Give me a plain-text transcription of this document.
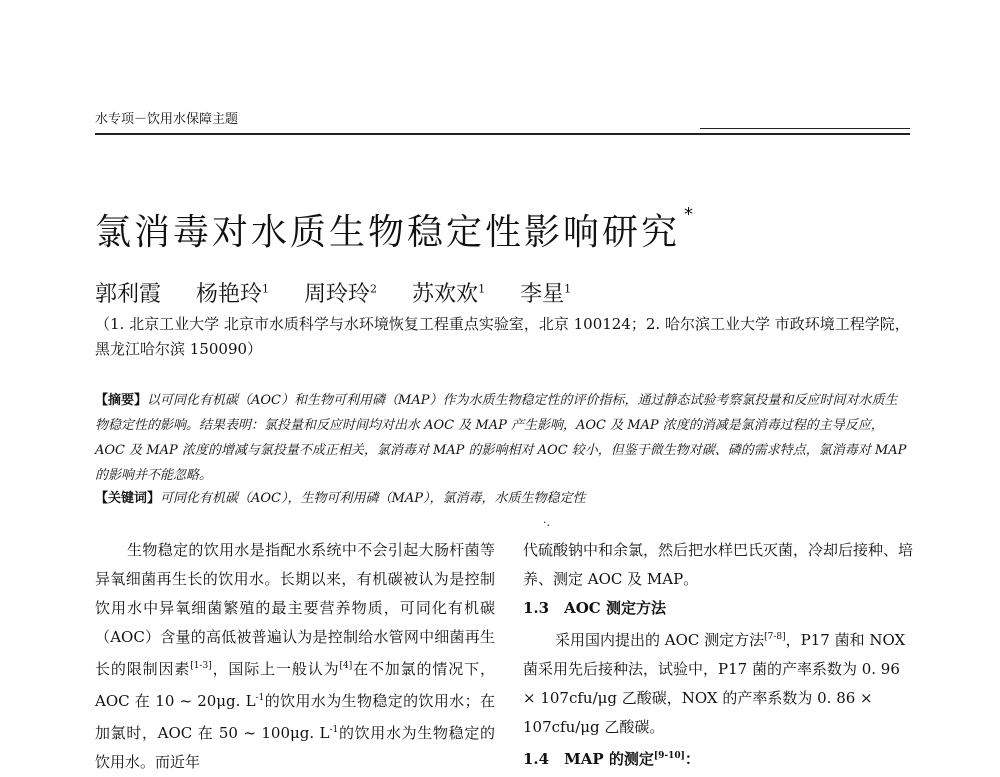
水专项－饮用水保障主题
氯消毒对水质生物稳定性影响研究 *
郭利霞 杨艳玲$^1$ 周玲玲$^2$ 苏欢欢$^1$ 李星$^1$
（1. 北京工业大学 北京市水质科学与水环境恢复工程重点实验室，北京 100124；2. 哈尔滨工业大学 市政环境工程学院，黑龙江哈尔滨 150090）
【摘要】以可同化有机碳（AOC）和生物可利用磷（MAP）作为水质生物稳定性的评价指标，通过静态试验考察氯投量和反应时间对水质生物稳定性的影响。结果表明：氯投量和反应时间均对出水 AOC 及 MAP 产生影响，AOC 及 MAP 浓度的消减是氯消毒过程的主导反应，AOC 及 MAP 浓度的增减与氯投量不成正相关，氯消毒对 MAP 的影响相对 AOC 较小，但鉴于微生物对碳、磷的需求特点，氯消毒对 MAP 的影响并不能忽略。
【关键词】可同化有机碳（AOC），生物可利用磷（MAP），氯消毒，水质生物稳定性
·.
生物稳定的饮用水是指配水系统中不会引起大肠杆菌等异氧细菌再生长的饮用水。长期以来，有机碳被认为是控制饮用水中异氧细菌繁殖的最主要营养物质，可同化有机碳（AOC）含量的高低被普遍认为是控制给水管网中细菌再生长的限制因素[1-3]，国际上一般认为[4]在不加氯的情况下，AOC 在 10 ~ 20μg. L$^{-1}$的饮用水为生物稳定的饮用水；在加氯时，AOC 在 50 ~ 100μg. L$^{-1}$的饮用水为生物稳定的饮用水。而近年

代硫酸钠中和余氯，然后把水样巴氏灭菌，冷却后接种、培养、测定 AOC 及 MAP。

1.3　AOC 测定方法

采用国内提出的 AOC 测定方法[7-8]，P17 菌和 NOX 菌采用先后接种法，试验中，P17 菌的产率系数为 0. 96 × 107cfu/μg 乙酸碳，NOX 的产率系数为 0. 86 × 107cfu/μg 乙酸碳。

1.4　MAP 的测定[9-10]：
